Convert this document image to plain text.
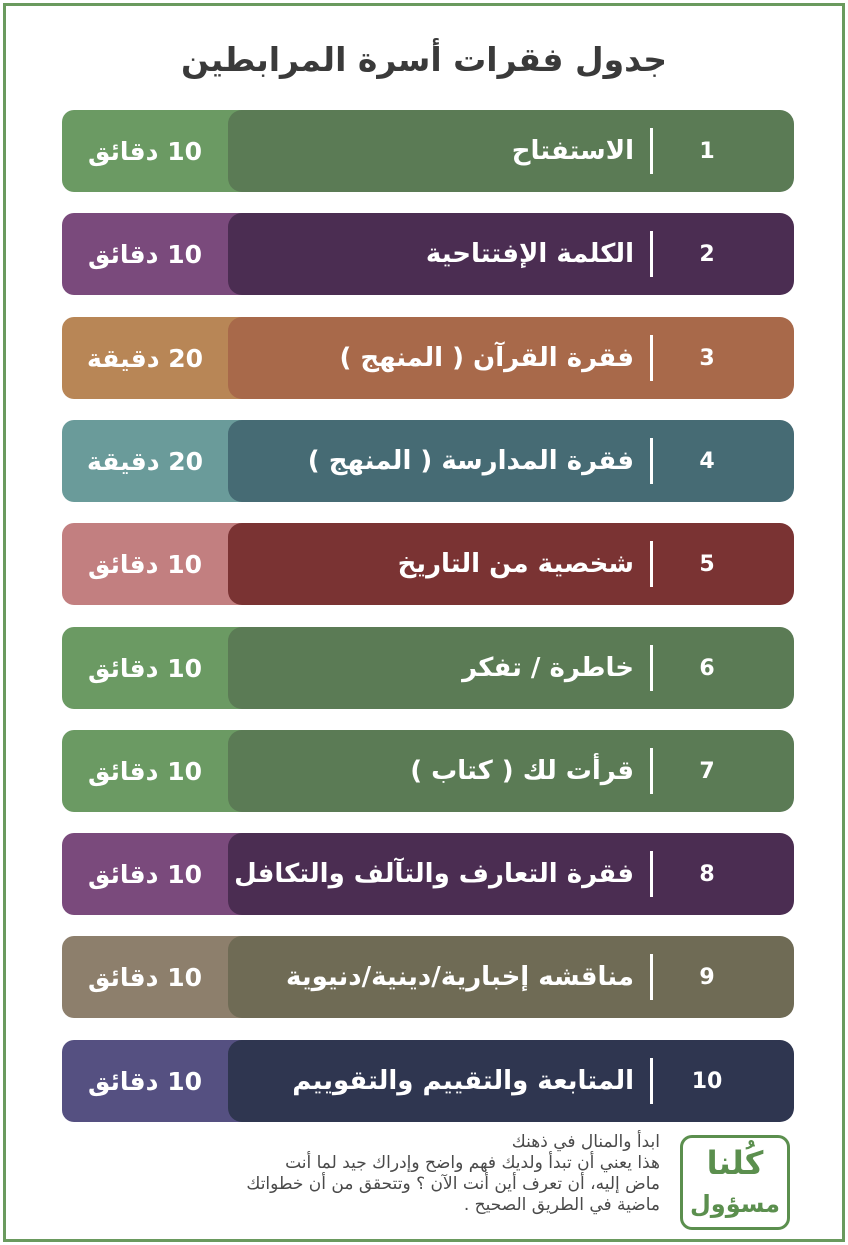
جدول فقرات أسرة المرابطين
10 دقائق	الاستفتاح	1
10 دقائق	الكلمة الإفتتاحية	2
20 دقيقة	فقرة القرآن ( المنهج )	3
20 دقيقة	فقرة المدارسة ( المنهج )	4
10 دقائق	شخصية من التاريخ	5
10 دقائق	خاطرة / تفكر	6
10 دقائق	قرأت لك ( كتاب )	7
10 دقائق	فقرة التعارف والتآلف والتكافل	8
10 دقائق	مناقشه إخبارية/دينية/دنيوية	9
10 دقائق	المتابعة والتقييم والتقوييم	10

ابدأ والمنال في ذهنك

هذا يعني أن تبدأ ولديك فهم واضح وإدراك جيد لما أنت

ماض إليه، أن تعرف أين أنت الآن ؟ وتتحقق من أن خطواتك

ماضية في الطريق الصحيح .

كُلنا
مسؤول
